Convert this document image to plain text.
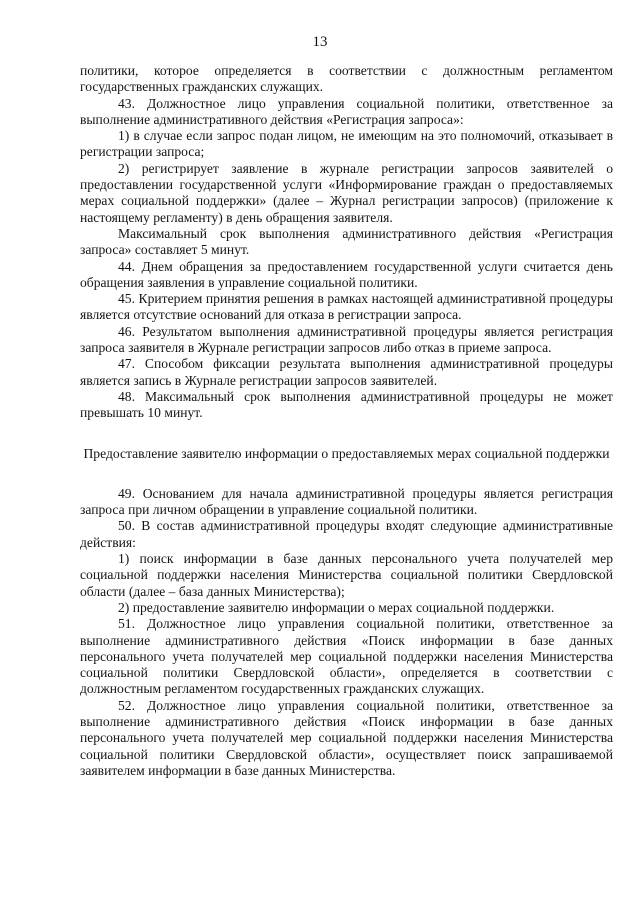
13

политики, которое определяется в соответствии с должностным регламентом государственных гражданских служащих.

43. Должностное лицо управления социальной политики, ответственное за выполнение административного действия «Регистрация запроса»:

1) в случае если запрос подан лицом, не имеющим на это полномочий, отказывает в регистрации запроса;

2) регистрирует заявление в журнале регистрации запросов заявителей о предоставлении государственной услуги «Информирование граждан о предоставляемых мерах социальной поддержки» (далее – Журнал регистрации запросов) (приложение к настоящему регламенту) в день обращения заявителя.

Максимальный срок выполнения административного действия «Регистрация запроса» составляет 5 минут.

44. Днем обращения за предоставлением государственной услуги считается день обращения заявления в управление социальной политики.

45. Критерием принятия решения в рамках настоящей административной процедуры является отсутствие оснований для отказа в регистрации запроса.

46. Результатом выполнения административной процедуры является регистрация запроса заявителя в Журнале регистрации запросов либо отказ в приеме запроса.

47. Способом фиксации результата выполнения административной процедуры является запись в Журнале регистрации запросов заявителей.

48. Максимальный срок выполнения административной процедуры не может превышать 10 минут.

Предоставление заявителю информации о предоставляемых мерах социальной поддержки

49. Основанием для начала административной процедуры является регистрация запроса при личном обращении в управление социальной политики.

50. В состав административной процедуры входят следующие административные действия:

1) поиск информации в базе данных персонального учета получателей мер социальной поддержки населения Министерства социальной политики Свердловской области (далее – база данных Министерства);

2) предоставление заявителю информации о мерах социальной поддержки.

51. Должностное лицо управления социальной политики, ответственное за выполнение административного действия «Поиск информации в базе данных персонального учета получателей мер социальной поддержки населения Министерства социальной политики Свердловской области», определяется в соответствии с должностным регламентом государственных гражданских служащих.

52. Должностное лицо управления социальной политики, ответственное за выполнение административного действия «Поиск информации в базе данных персонального учета получателей мер социальной поддержки населения Министерства социальной политики Свердловской области», осуществляет поиск запрашиваемой заявителем информации в базе данных Министерства.
